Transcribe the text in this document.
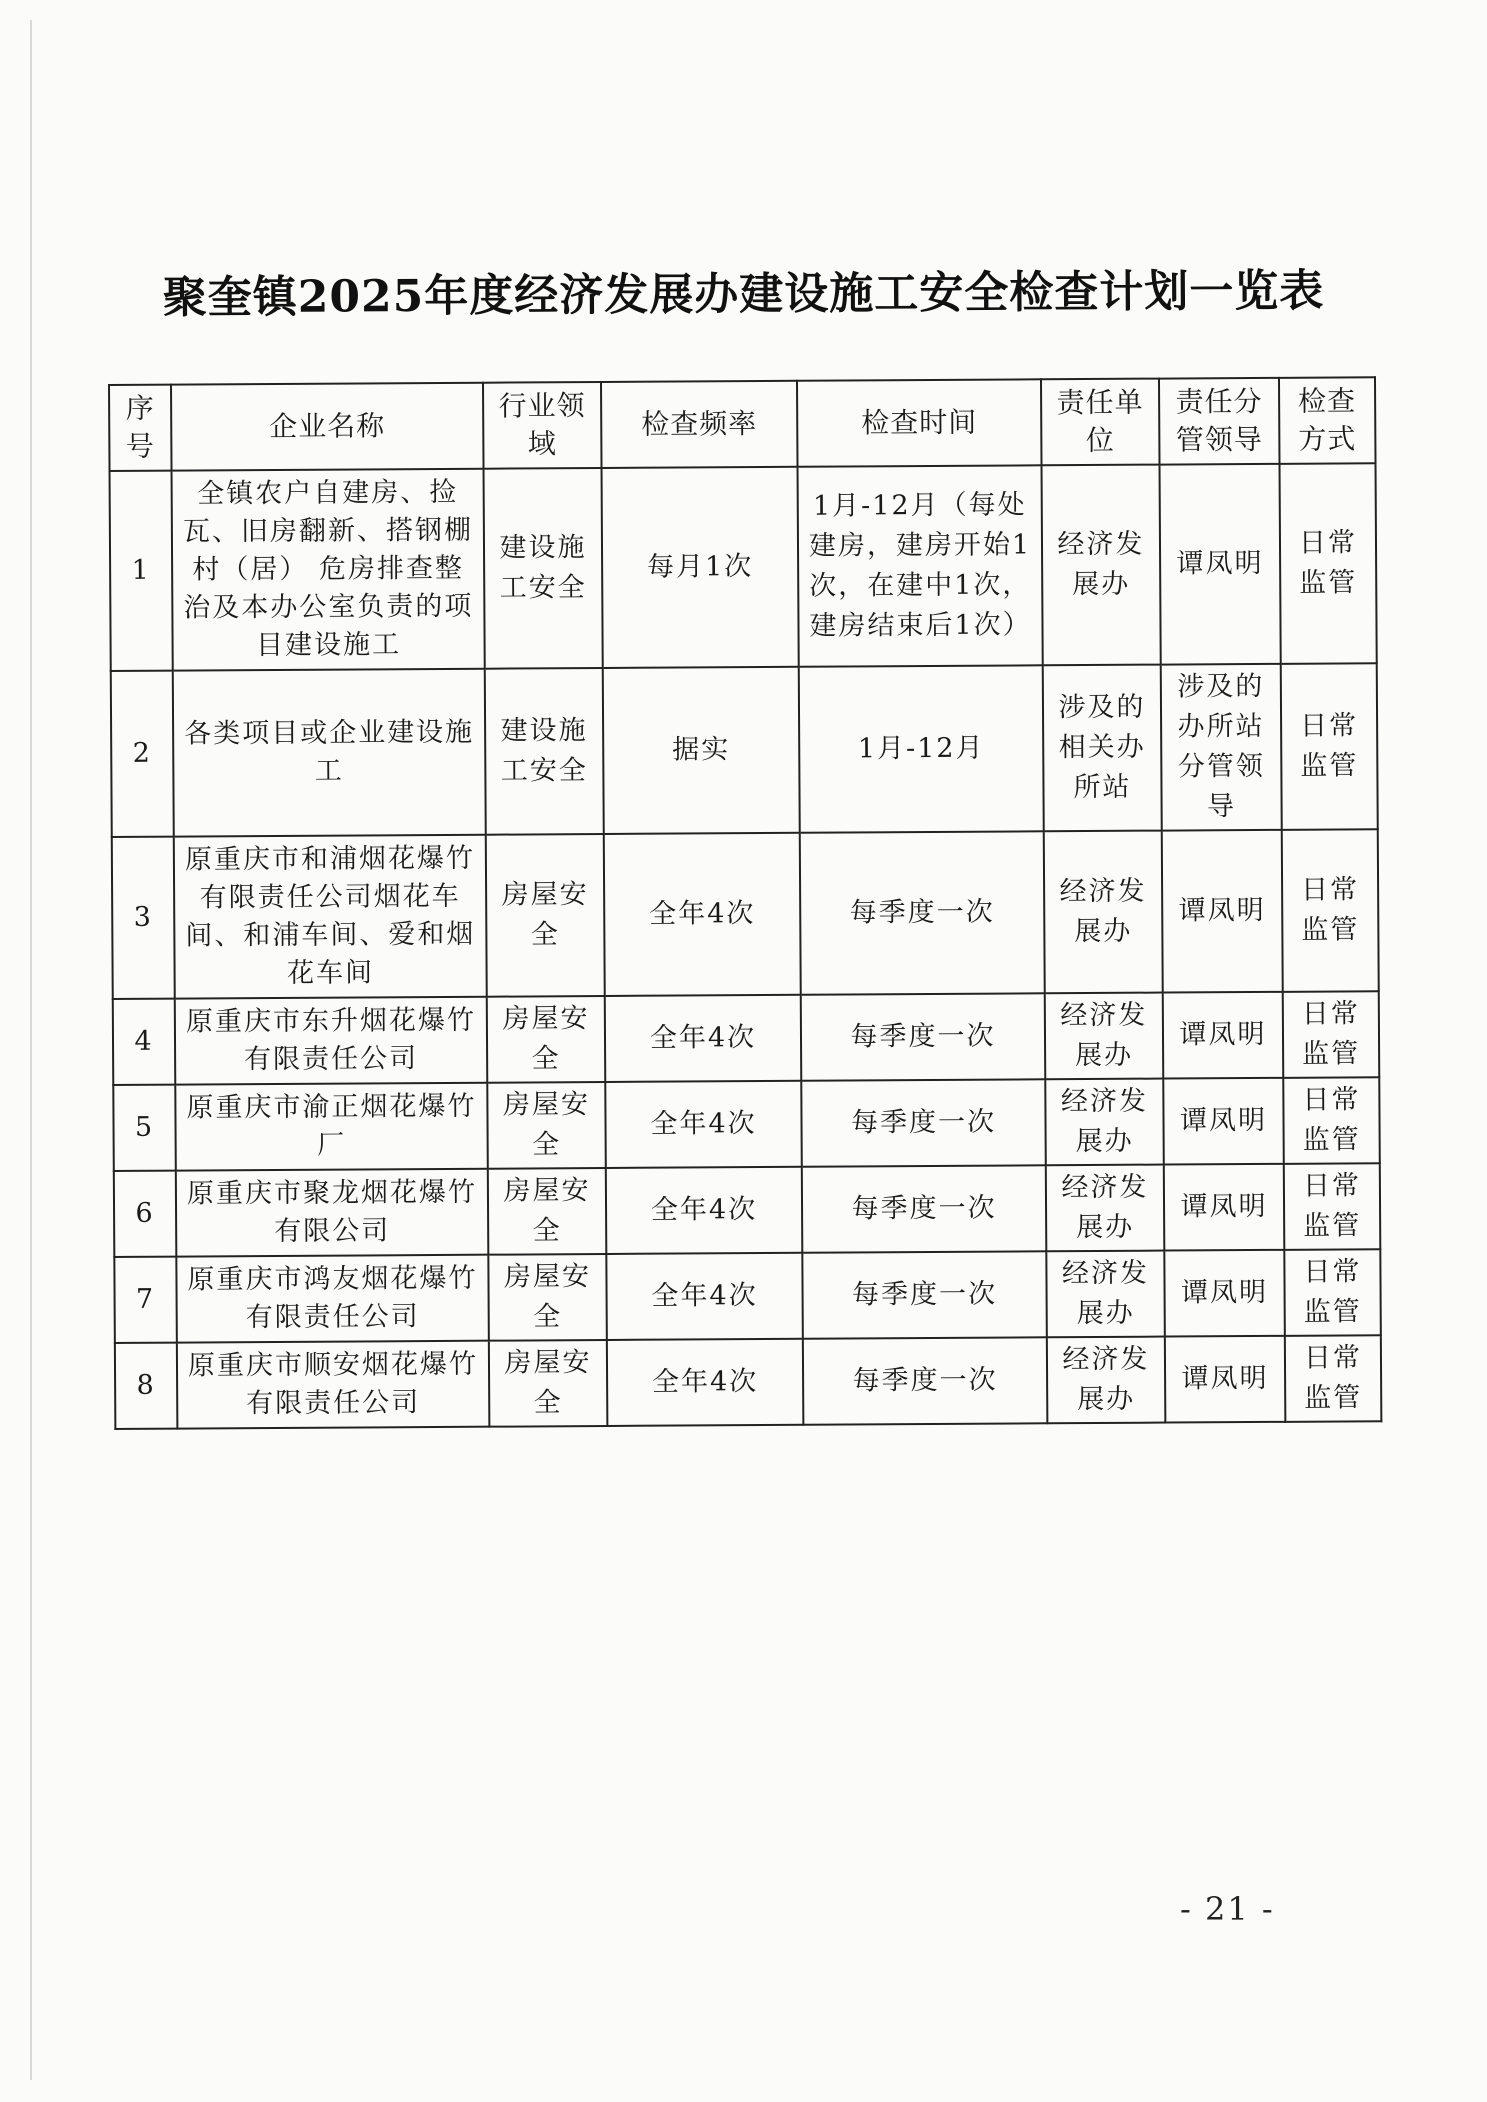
聚奎镇2025年度经济发展办建设施工安全检查计划一览表
序号	企业名称	行业领域	检查频率	检查时间	责任单位	责任分管领导	检查方式
1	全镇农户自建房、捡瓦、旧房翻新、搭钢棚村（居） 危房排查整治及本办公室负责的项目建设施工	建设施工安全	每月1次	1月-12月（每处建房，建房开始1次，在建中1次，建房结束后1次）	经济发展办	谭凤明	日常监管
2	各类项目或企业建设施工	建设施工安全	据实	1月-12月	涉及的相关办所站	涉及的办所站分管领导	日常监管
3	原重庆市和浦烟花爆竹有限责任公司烟花车间、和浦车间、爱和烟花车间	房屋安全	全年4次	每季度一次	经济发展办	谭凤明	日常监管
4	原重庆市东升烟花爆竹有限责任公司	房屋安全	全年4次	每季度一次	经济发展办	谭凤明	日常监管
5	原重庆市渝正烟花爆竹厂	房屋安全	全年4次	每季度一次	经济发展办	谭凤明	日常监管
6	原重庆市聚龙烟花爆竹有限公司	房屋安全	全年4次	每季度一次	经济发展办	谭凤明	日常监管
7	原重庆市鸿友烟花爆竹有限责任公司	房屋安全	全年4次	每季度一次	经济发展办	谭凤明	日常监管
8	原重庆市顺安烟花爆竹有限责任公司	房屋安全	全年4次	每季度一次	经济发展办	谭凤明	日常监管
- 21 -
